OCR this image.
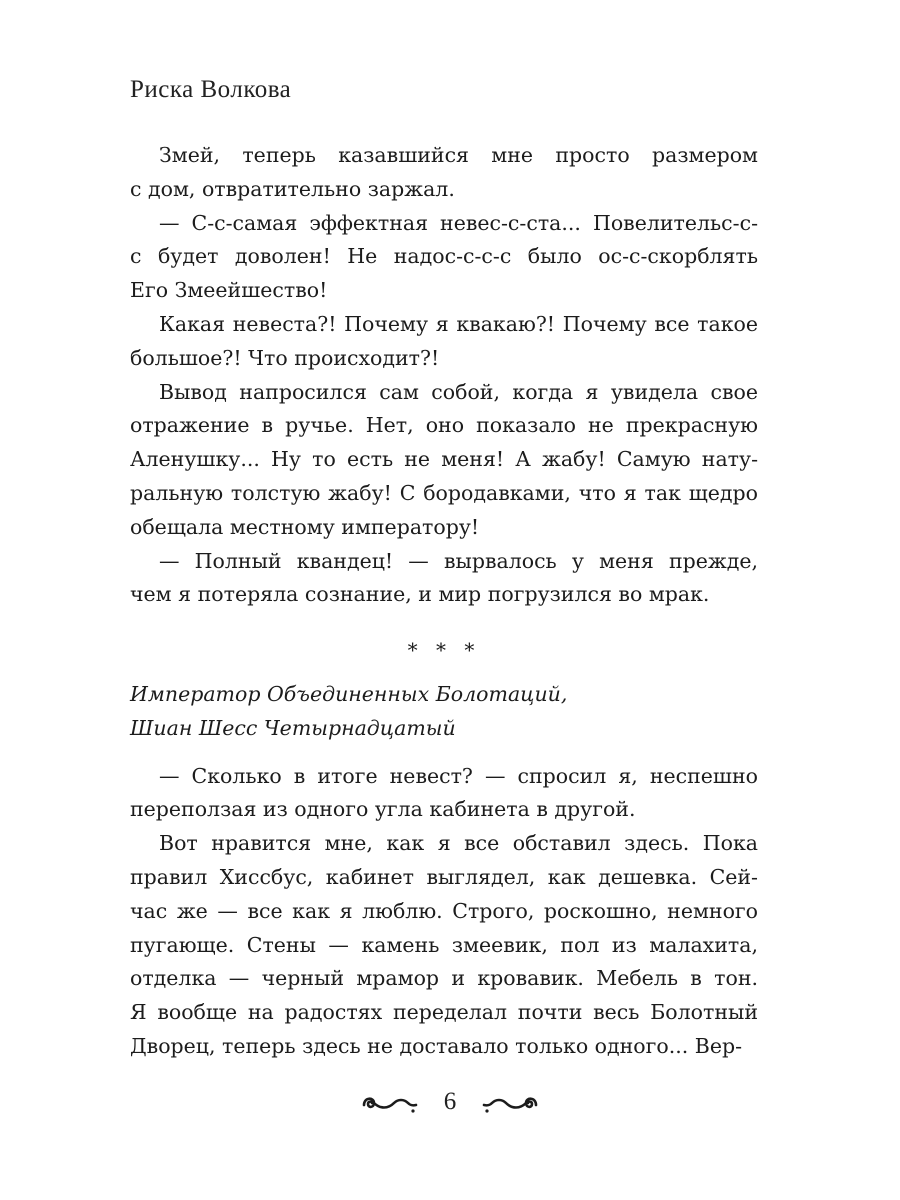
Риска Волкова
Змей, теперь казавшийся мне просто размером
с дом, отвратительно заржал.
— С-с-самая эффектная невес-с-ста... Повелительс-с-
с будет доволен! Не надос-с-с-с было ос-с-скорблять
Его Змеейшество!
Какая невеста?! Почему я квакаю?! Почему все такое
большое?! Что происходит?!
Вывод напросился сам собой, когда я увидела свое
отражение в ручье. Нет, оно показало не прекрасную
Аленушку... Ну то есть не меня! А жабу! Самую нату-
ральную толстую жабу! С бородавками, что я так щедро
обещала местному императору!
— Полный квандец! — вырвалось у меня прежде,
чем я потеряла сознание, и мир погрузился во мрак.
* * *
Император Объединенных Болотаций,
Шиан Шесс Четырнадцатый
— Сколько в итоге невест? — спросил я, неспешно
переползая из одного угла кабинета в другой.
Вот нравится мне, как я все обставил здесь. Пока
правил Хиссбус, кабинет выглядел, как дешевка. Сей-
час же — все как я люблю. Строго, роскошно, немного
пугающе. Стены — камень змеевик, пол из малахита,
отделка — черный мрамор и кровавик. Мебель в тон.
Я вообще на радостях переделал почти весь Болотный
Дворец, теперь здесь не доставало только одного... Вер-
6
